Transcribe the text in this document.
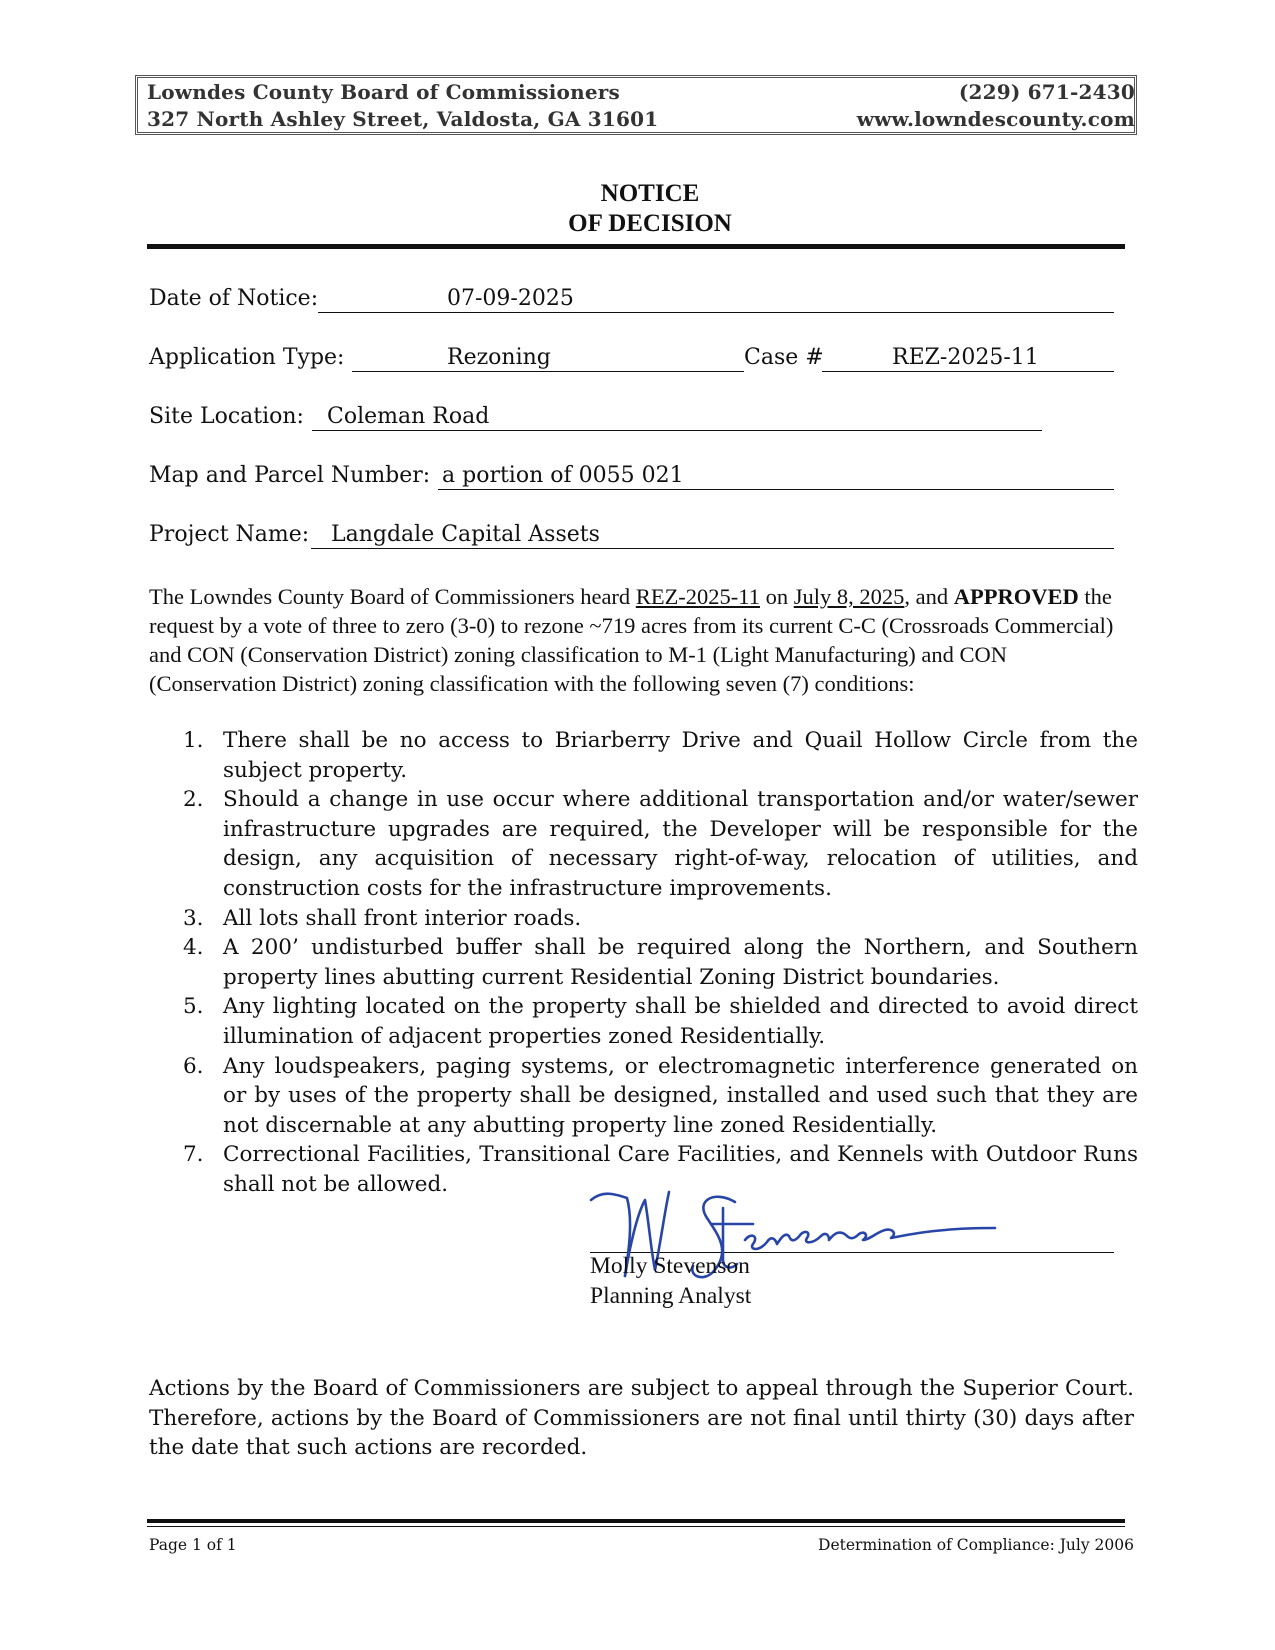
Lowndes County Board of Commissioners
327 North Ashley Street, Valdosta, GA 31601
(229) 671-2430
www.lowndescounty.com
NOTICE
OF DECISION
Date of Notice:	07-09-2025
Application Type:	Rezoning	Case #	REZ-2025-11
Site Location: Coleman Road
Map and Parcel Number: a portion of 0055 021
Project Name: Langdale Capital Assets
The Lowndes County Board of Commissioners heard REZ-2025-11 on July 8, 2025, and APPROVED the request by a vote of three to zero (3-0) to rezone ~719 acres from its current C-C (Crossroads Commercial) and CON (Conservation District) zoning classification to M-1 (Light Manufacturing) and CON (Conservation District) zoning classification with the following seven (7) conditions:
1. There shall be no access to Briarberry Drive and Quail Hollow Circle from the subject property.
2. Should a change in use occur where additional transportation and/or water/sewer infrastructure upgrades are required, the Developer will be responsible for the design, any acquisition of necessary right-of-way, relocation of utilities, and construction costs for the infrastructure improvements.
3. All lots shall front interior roads.
4. A 200’ undisturbed buffer shall be required along the Northern, and Southern property lines abutting current Residential Zoning District boundaries.
5. Any lighting located on the property shall be shielded and directed to avoid direct illumination of adjacent properties zoned Residentially.
6. Any loudspeakers, paging systems, or electromagnetic interference generated on or by uses of the property shall be designed, installed and used such that they are not discernable at any abutting property line zoned Residentially.
7. Correctional Facilities, Transitional Care Facilities, and Kennels with Outdoor Runs shall not be allowed.
Molly Stevenson
Planning Analyst
Actions by the Board of Commissioners are subject to appeal through the Superior Court. Therefore, actions by the Board of Commissioners are not final until thirty (30) days after the date that such actions are recorded.
Page 1 of 1	Determination of Compliance: July 2006
